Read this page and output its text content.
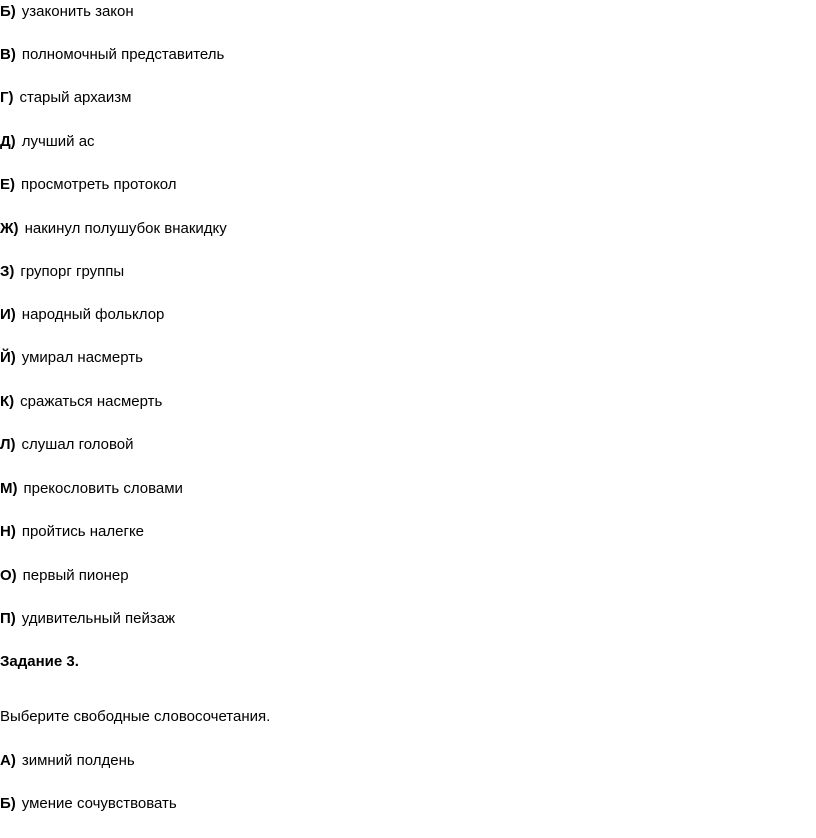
Б) узаконить закон
В) полномочный представитель
Г) старый архаизм
Д) лучший ас
Е) просмотреть протокол
Ж) накинул полушубок внакидку
З) групорг группы
И) народный фольклор
Й) умирал насмерть
К) сражаться насмерть
Л) слушал головой
М) прекословить словами
Н) пройтись налегке
О) первый пионер
П) удивительный пейзаж
Задание 3.
Выберите свободные словосочетания.
А) зимний полдень
Б) умение сочувствовать
